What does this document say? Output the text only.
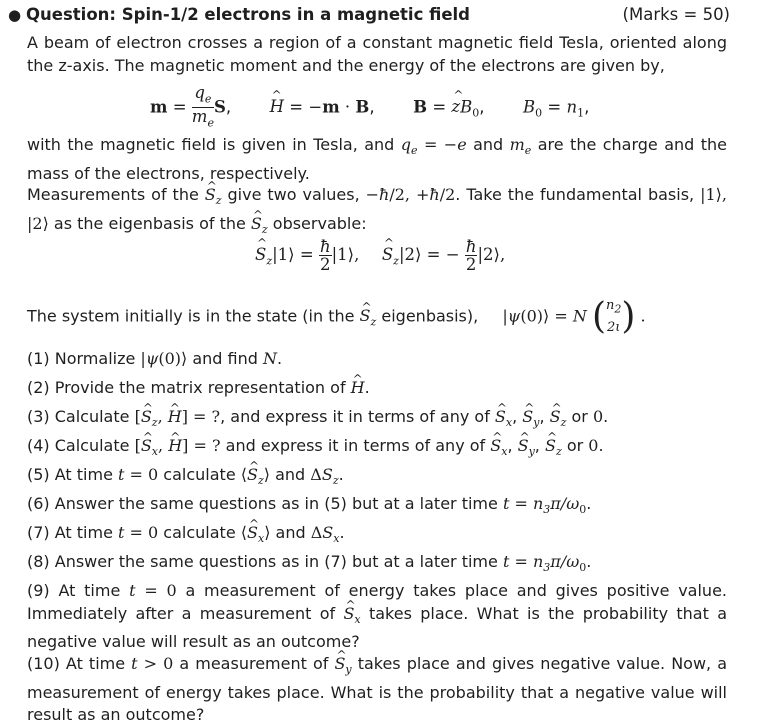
● Question: Spin-1/2 electrons in a magnetic field	(Marks = 50)
A beam of electron crosses a region of a constant magnetic field Tesla, oriented along the z-axis. The magnetic moment and the energy of the electrons are given by,
$m = \frac{q_e}{m_e} S$,  ^ H = −m · B,  B = ^ $zB_0$,  $B_0 = n_1$,
with the magnetic field is given in Tesla, and $q_e = -e$ and $m_e$ are the charge and the mass of the electrons, respectively.
Measurements of the ^ $S_z$ give two values, −ħ/2, +ħ/2. Take the fundamental basis, |1⟩, |2⟩ as the eigenbasis of the ^ $S_z$ observable:
^ $S_z|1⟩ = \frac{ħ}{2}$ |1⟩, ^ $S_z|2⟩$ = − $\frac{ħ}{2}$ |2⟩,
The system initially is in the state (in the ^ $S_z$ eigenbasis),  |ψ(0)⟩ = N ($n_2$
2ι) .
(1) Normalize |ψ(0)⟩ and find N.
(2) Provide the matrix representation of ^ H.
(3) Calculate [^ $S_z$, ^ H] = ?, and express it in terms of any of ^ $S_x$, ^ $S_y$, ^ $S_z$ or 0.
(4) Calculate [^ $S_x$, ^ H] = ? and express it in terms of any of ^ $S_x$, ^ $S_y$, ^ $S_z$ or 0.
(5) At time t = 0 calculate ⟨^ $S_z⟩$ and $\Delta S_z$.
(6) Answer the same questions as in (5) but at a later time $t = n_3\pi/\omega_0$.
(7) At time t = 0 calculate ⟨^ $S_x⟩$ and $\Delta S_x$.
(8) Answer the same questions as in (7) but at a later time $t = n_3\pi/\omega_0$.
(9) At time t = 0 a measurement of energy takes place and gives positive value. Immediately after a measurement of ^ $S_x$ takes place. What is the probability that a negative value will result as an outcome?
(10) At time t > 0 a measurement of ^ $S_y$ takes place and gives negative value. Now, a measurement of energy takes place. What is the probability that a negative value will result as an outcome?
